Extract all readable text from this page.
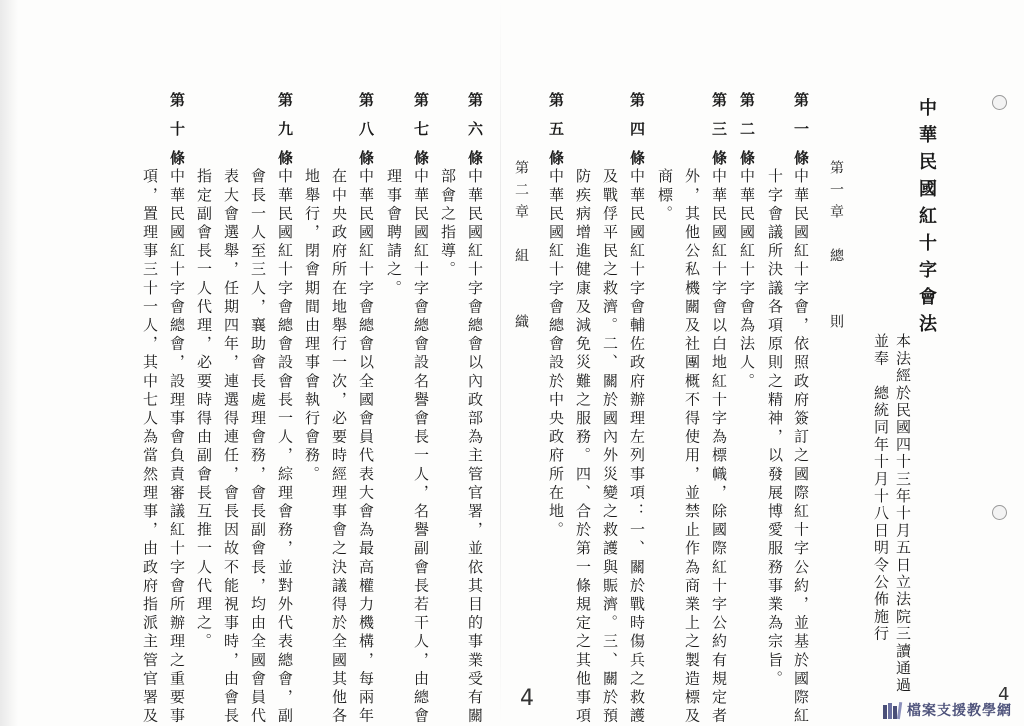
中華民國紅十字會法
本法經於民國四十三年十月五日立法院三讀通過
並奉　總統同年十月十八日明令公佈施行
第一章　總　　則
第一條
中華民國紅十字會，依照政府簽訂之國際紅十字公約，並基於國際紅
十字會議所決議各項原則之精神，以發展博愛服務事業為宗旨。
第二條
中華民國紅十字會為法人。
第三條
中華民國紅十字會以白地紅十字為標幟，除國際紅十字公約有規定者
外，其他公私機關及社團概不得使用，並禁止作為商業上之製造標及
商標。
第四條
中華民國紅十字會輔佐政府辦理左列事項：一、關於戰時傷兵之救護
及戰俘平民之救濟。二、關於國內外災變之救護與賑濟。三、關於預
防疾病增進健康及減免災難之服務。四、合於第一條規定之其他事項
第五條
中華民國紅十字會總會設於中央政府所在地。
第二章　組　　織
第六條
中華民國紅十字會總會以內政部為主管官署，並依其目的事業受有關
部會之指導。
第七條
中華民國紅十字會總會設名譽會長一人，名譽副會長若干人，由總會
理事會聘請之。
第八條
中華民國紅十字會總會以全國會員代表大會為最高權力機構，每兩年
在中央政府所在地舉行一次，必要時經理事會之決議得於全國其他各
地舉行，閉會期間由理事會執行會務。
第九條
中華民國紅十字會總會設會長一人，綜理會務，並對外代表總會，副
會長一人至三人，襄助會長處理會務，會長副會長，均由全國會員代
表大會選舉，任期四年，連選得連任，會長因故不能視事時，由會長
指定副會長一人代理，必要時得由副會長互推一人代理之。
第十條
中華民國紅十字會總會，設理事會負責審議紅十字會所辦理之重要事
項，置理事三十一人，其中七人為當然理事，由政府指派主管官署及	4	4
檔案支援教學網
